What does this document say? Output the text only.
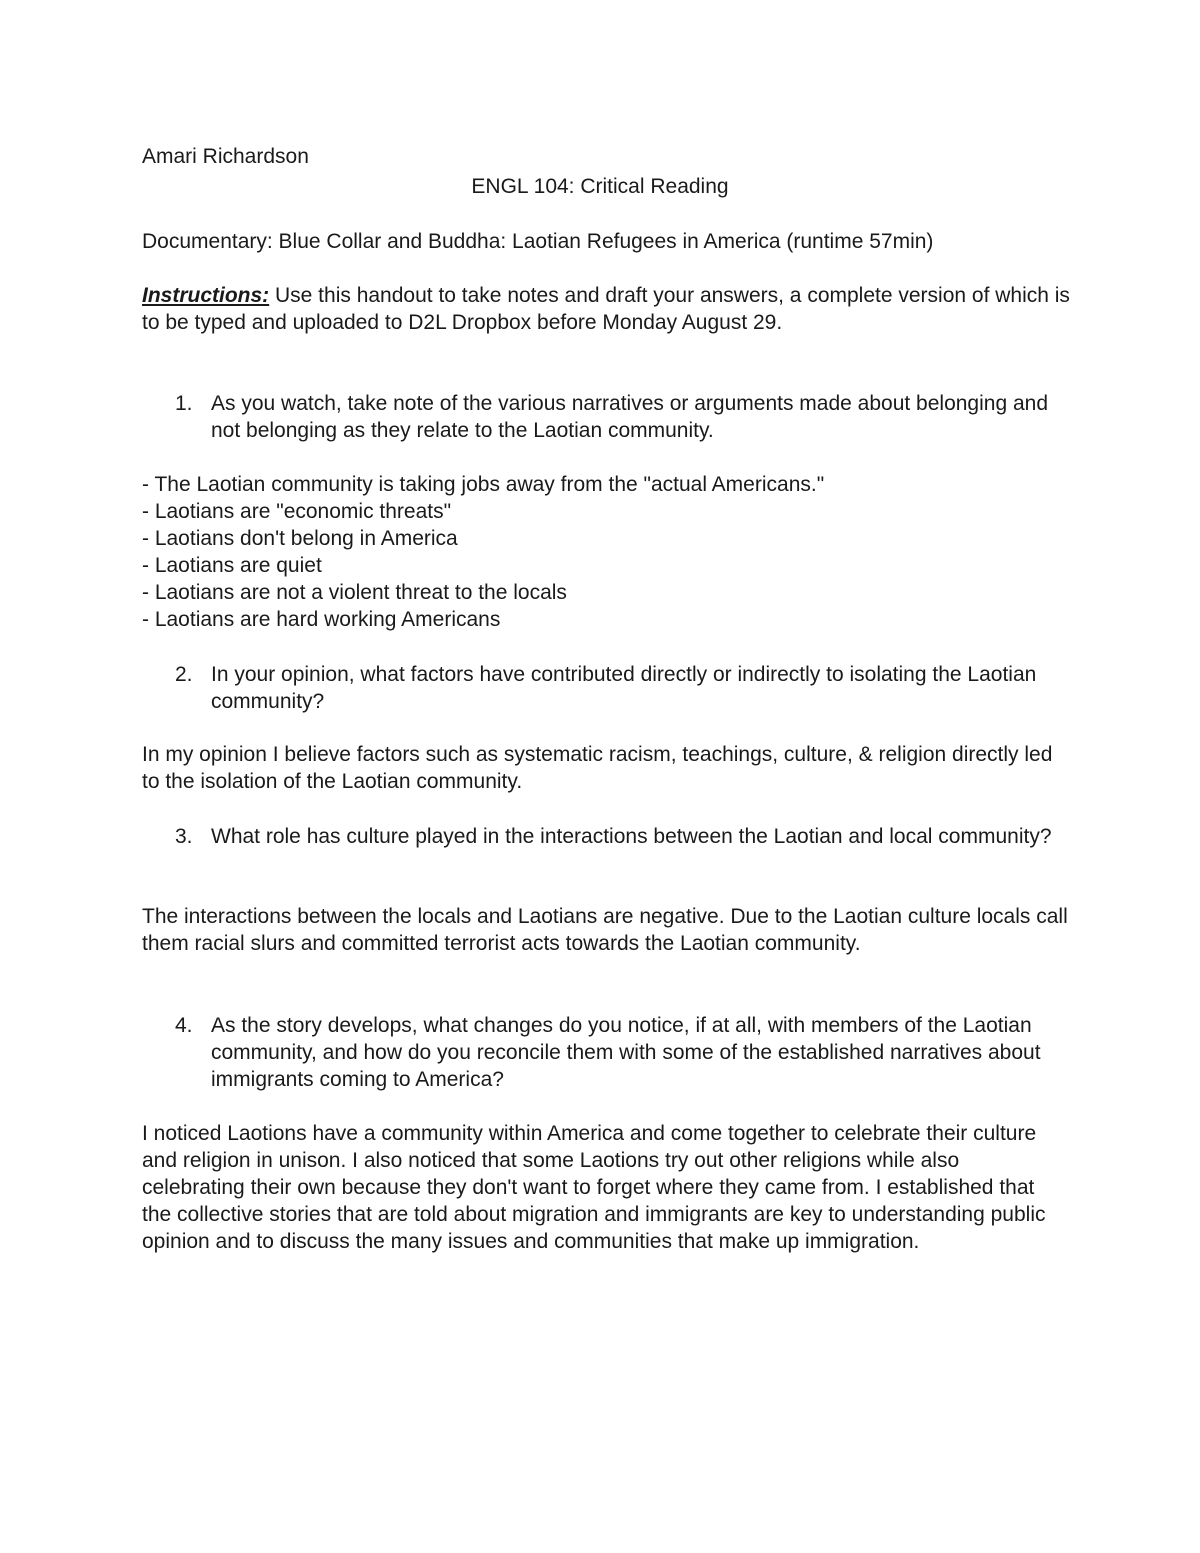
Amari Richardson
ENGL 104: Critical Reading
Documentary: Blue Collar and Buddha: Laotian Refugees in America (runtime 57min)
Instructions: Use this handout to take notes and draft your answers, a complete version of which is to be typed and uploaded to D2L Dropbox before Monday August 29.
1. As you watch, take note of the various narratives or arguments made about belonging and not belonging as they relate to the Laotian community.
- The Laotian community is taking jobs away from the "actual Americans."
- Laotians are "economic threats"
- Laotians don't belong in America
- Laotians are quiet
- Laotians are not a violent threat to the locals
- Laotians are hard working Americans
2. In your opinion, what factors have contributed directly or indirectly to isolating the Laotian community?
In my opinion I believe factors such as systematic racism, teachings, culture, & religion directly led to the isolation of the Laotian community.
3. What role has culture played in the interactions between the Laotian and local community?
The interactions between the locals and Laotians are negative. Due to the Laotian culture locals call them racial slurs and committed terrorist acts towards the Laotian community.
4. As the story develops, what changes do you notice, if at all, with members of the Laotian community, and how do you reconcile them with some of the established narratives about immigrants coming to America?
I noticed Laotions have a community within America and come together to celebrate their culture and religion in unison. I also noticed that some Laotions try out other religions while also celebrating their own because they don't want to forget where they came from. I established that the collective stories that are told about migration and immigrants are key to understanding public opinion and to discuss the many issues and communities that make up immigration.
